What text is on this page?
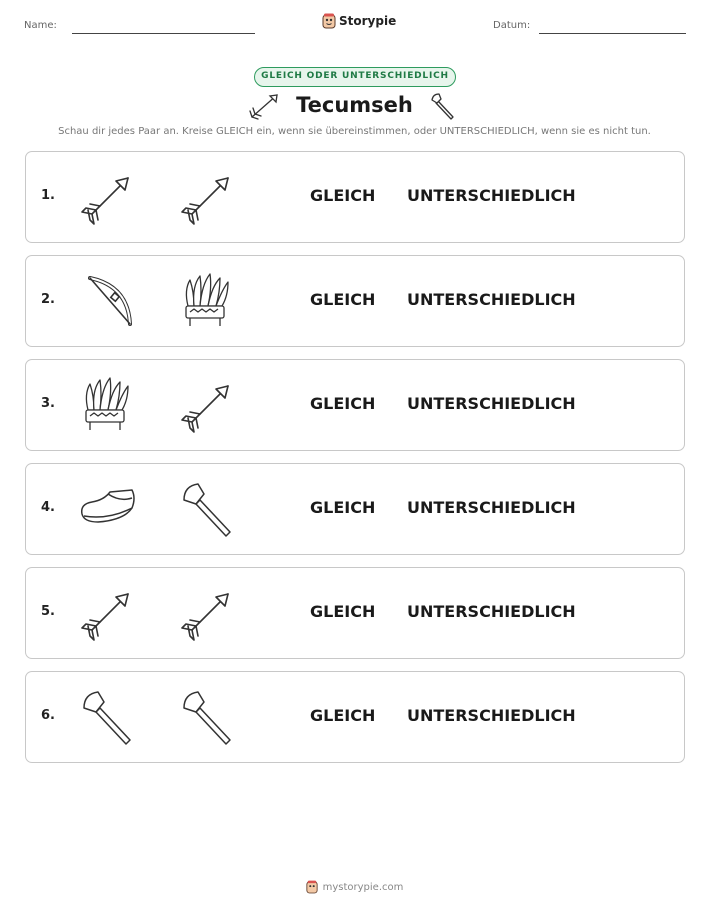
Name:	Storypie	Datum:
GLEICH ODER UNTERSCHIEDLICH
Tecumseh
Schau dir jedes Paar an. Kreise GLEICH ein, wenn sie übereinstimmen, oder UNTERSCHIEDLICH, wenn sie es nicht tun.
1.	GLEICH UNTERSCHIEDLICH
2.	GLEICH UNTERSCHIEDLICH
3.	GLEICH UNTERSCHIEDLICH
4.	GLEICH UNTERSCHIEDLICH
5.	GLEICH UNTERSCHIEDLICH
6.	GLEICH UNTERSCHIEDLICH
mystorypie.com
